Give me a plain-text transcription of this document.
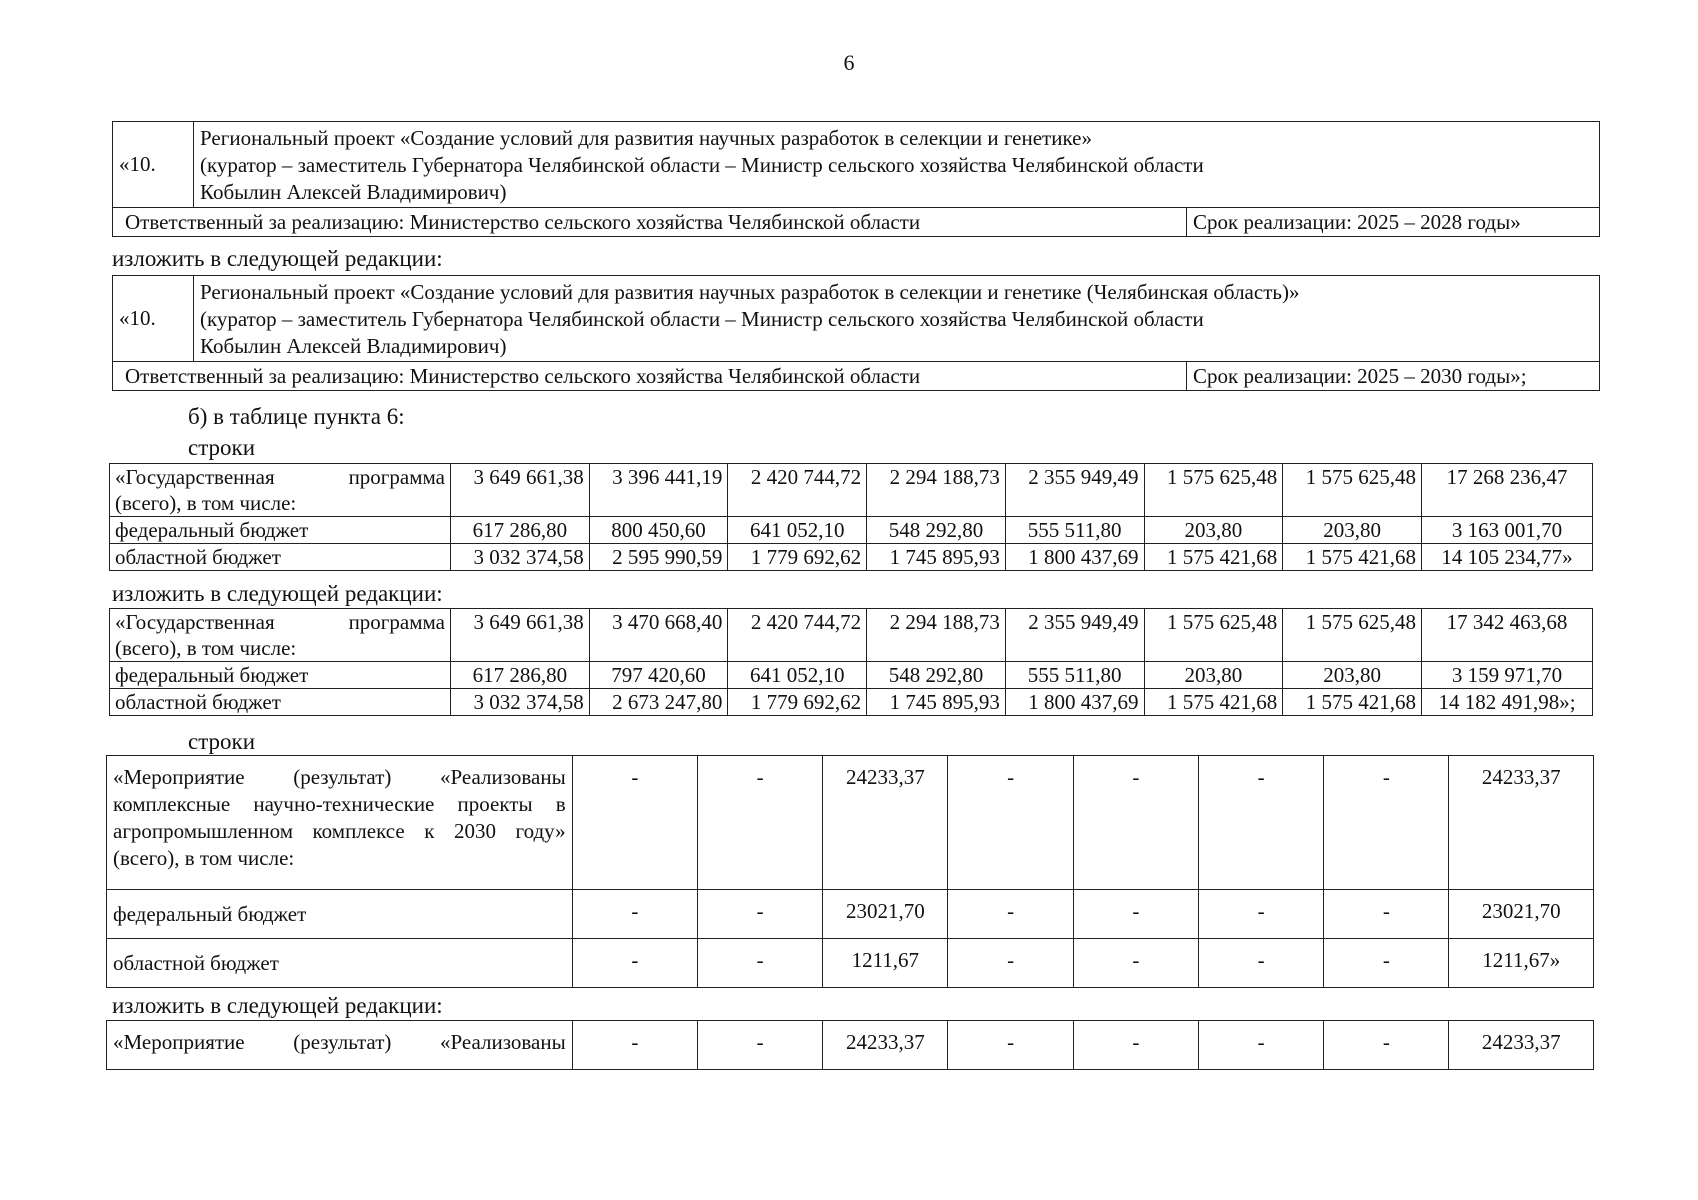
6
«10.	Региональный проект «Создание условий для развития научных разработок в селекции и генетике»
(куратор – заместитель Губернатора Челябинской области – Министр сельского хозяйства Челябинской области
Кобылин Алексей Владимирович)	

Ответственный за реализацию: Министерство сельского хозяйства Челябинской области		Срок реализации: 2025 – 2028 годы»
изложить в следующей редакции:
«10.	Региональный проект «Создание условий для развития научных разработок в селекции и генетике (Челябинская область)»
(куратор – заместитель Губернатора Челябинской области – Министр сельского хозяйства Челябинской области
Кобылин Алексей Владимирович)	

Ответственный за реализацию: Министерство сельского хозяйства Челябинской области		Срок реализации: 2025 – 2030 годы»;
б) в таблице пункта 6:
строки
«Государственная программа
(всего), в том числе:	3 649 661,38	3 396 441,19	2 420 744,72	2 294 188,73	2 355 949,49	1 575 625,48	1 575 625,48	17 268 236,47
федеральный бюджет	617 286,80	800 450,60	641 052,10	548 292,80	555 511,80	203,80	203,80	3 163 001,70
областной бюджет	3 032 374,58	2 595 990,59	1 779 692,62	1 745 895,93	1 800 437,69	1 575 421,68	1 575 421,68	14 105 234,77»
изложить в следующей редакции:
«Государственная программа
(всего), в том числе:	3 649 661,38	3 470 668,40	2 420 744,72	2 294 188,73	2 355 949,49	1 575 625,48	1 575 625,48	17 342 463,68
федеральный бюджет	617 286,80	797 420,60	641 052,10	548 292,80	555 511,80	203,80	203,80	3 159 971,70
областной бюджет	3 032 374,58	2 673 247,80	1 779 692,62	1 745 895,93	1 800 437,69	1 575 421,68	1 575 421,68	14 182 491,98»;
строки
«Мероприятие (результат) «Реализованы комплексные научно-технические проекты в агропромышленном комплексе к 2030 году» (всего), в том числе:	-	-	24233,37	-	-	-	-	24233,37
федеральный бюджет	-	-	23021,70	-	-	-	-	23021,70
областной бюджет	-	-	1211,67	-	-	-	-	1211,67»
изложить в следующей редакции:
«Мероприятие (результат) «Реализованы	-	-	24233,37	-	-	-	-	24233,37
